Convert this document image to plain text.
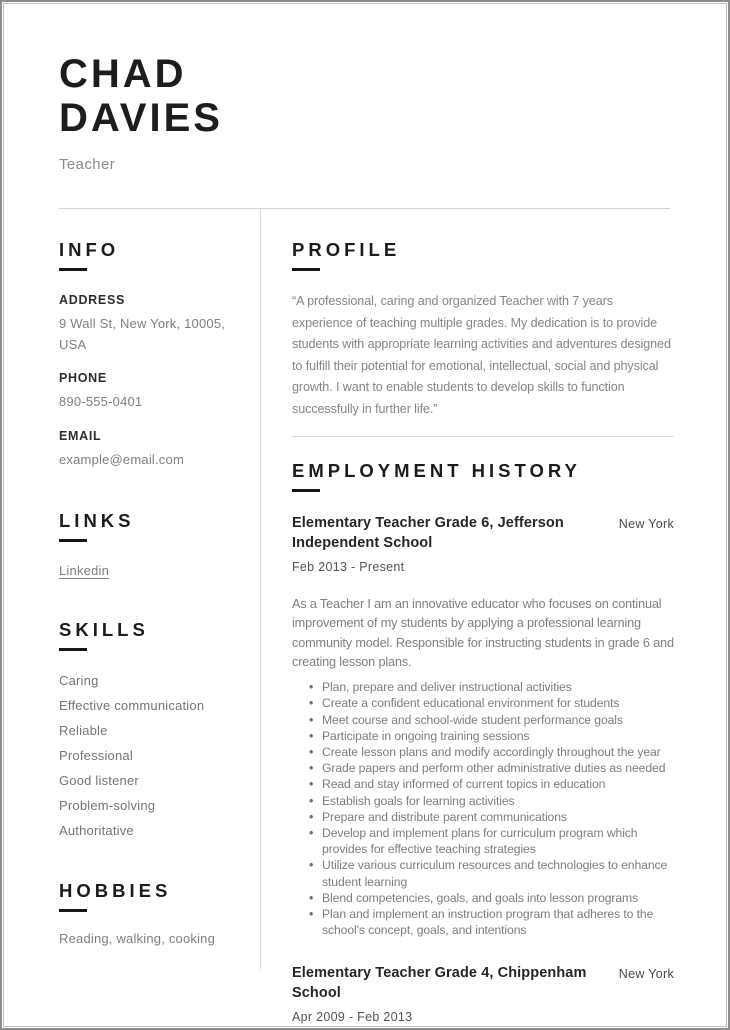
CHAD
DAVIES
Teacher
INFO
ADDRESS
9 Wall St, New York, 10005,
USA
PHONE
890-555-0401
EMAIL
example@email.com
LINKS
Linkedin
SKILLS
Caring
Effective communication
Reliable
Professional
Good listener
Problem-solving
Authoritative
HOBBIES
Reading, walking, cooking
PROFILE
“A professional, caring and organized Teacher with 7 years experience of teaching multiple grades. My dedication is to provide students with appropriate learning activities and adventures designed to fulfill their potential for emotional, intellectual, social and physical growth. I want to enable students to develop skills to function successfully in further life.”
EMPLOYMENT HISTORY
Elementary Teacher Grade 6, Jefferson Independent School
New York
Feb 2013 - Present
As a Teacher I am an innovative educator who focuses on continual improvement of my students by applying a professional learning community model. Responsible for instructing students in grade 6 and creating lesson plans.
• Plan, prepare and deliver instructional activities
• Create a confident educational environment for students
• Meet course and school-wide student performance goals
• Participate in ongoing training sessions
• Create lesson plans and modify accordingly throughout the year
• Grade papers and perform other administrative duties as needed
• Read and stay informed of current topics in education
• Establish goals for learning activities
• Prepare and distribute parent communications
• Develop and implement plans for curriculum program which provides for effective teaching strategies
• Utilize various curriculum resources and technologies to enhance student learning
• Blend competencies, goals, and goals into lesson programs
• Plan and implement an instruction program that adheres to the school's concept, goals, and intentions
Elementary Teacher Grade 4, Chippenham School
New York
Apr 2009 - Feb 2013
